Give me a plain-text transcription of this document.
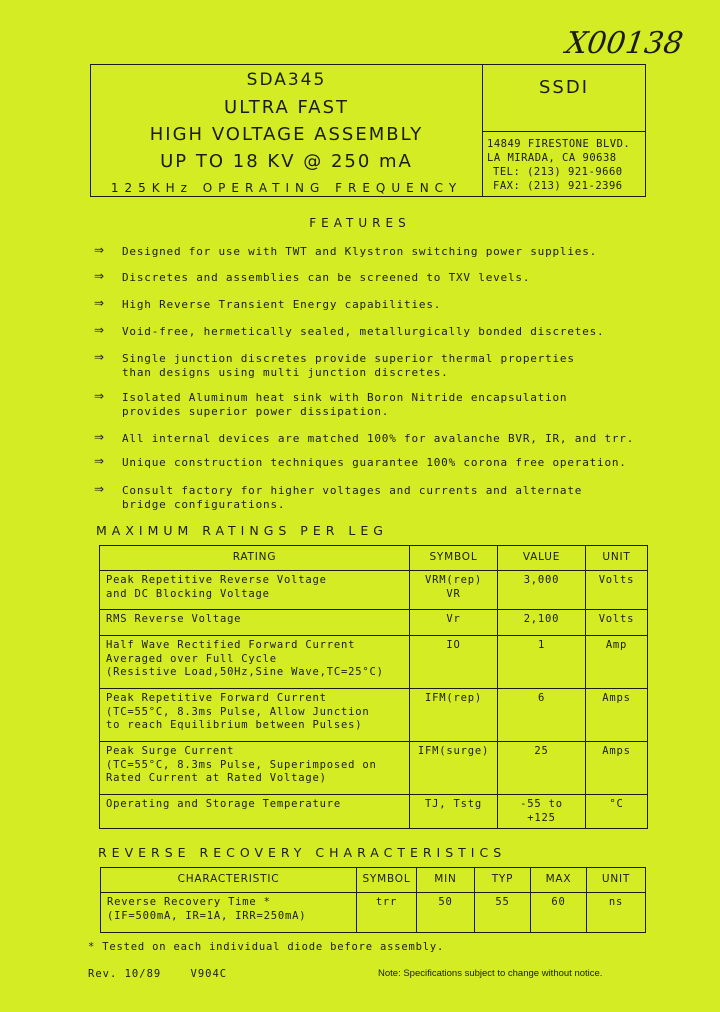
X00138
SDA345
ULTRA FAST
HIGH VOLTAGE ASSEMBLY
UP TO 18 KV @ 250 mA
125KHz OPERATING FREQUENCY
SSDI
14849 FIRESTONE BLVD.
LA MIRADA, CA 90638
TEL: (213) 921-9660
FAX: (213) 921-2396
FEATURES
⇒ Designed for use with TWT and Klystron switching power supplies.
⇒ Discretes and assemblies can be screened to TXV levels.
⇒ High Reverse Transient Energy capabilities.
⇒ Void-free, hermetically sealed, metallurgically bonded discretes.
⇒ Single junction discretes provide superior thermal properties
than designs using multi junction discretes.
⇒ Isolated Aluminum heat sink with Boron Nitride encapsulation
provides superior power dissipation.
⇒ All internal devices are matched 100% for avalanche BVR, IR, and trr.
⇒ Unique construction techniques guarantee 100% corona free operation.
⇒ Consult factory for higher voltages and currents and alternate
bridge configurations.
MAXIMUM RATINGS PER LEG
RATING	SYMBOL	VALUE	UNIT
Peak Repetitive Reverse Voltage
and DC Blocking Voltage	VRM(rep)
VR	3,000	Volts
RMS Reverse Voltage	Vr	2,100	Volts
Half Wave Rectified Forward Current
Averaged over Full Cycle
(Resistive Load,50Hz,Sine Wave,TC=25°C)	IO	1	Amp
Peak Repetitive Forward Current
(TC=55°C, 8.3ms Pulse, Allow Junction
to reach Equilibrium between Pulses)	IFM(rep)	6	Amps
Peak Surge Current
(TC=55°C, 8.3ms Pulse, Superimposed on
Rated Current at Rated Voltage)	IFM(surge)	25	Amps
Operating and Storage Temperature	TJ, Tstg	-55 to +125	°C
REVERSE RECOVERY CHARACTERISTICS
CHARACTERISTIC	SYMBOL	MIN	TYP	MAX	UNIT
Reverse Recovery Time *
(IF=500mA, IR=1A, IRR=250mA)	trr	50	55	60	ns
* Tested on each individual diode before assembly.
Rev. 10/89    V904C	Note: Specifications subject to change without notice.
